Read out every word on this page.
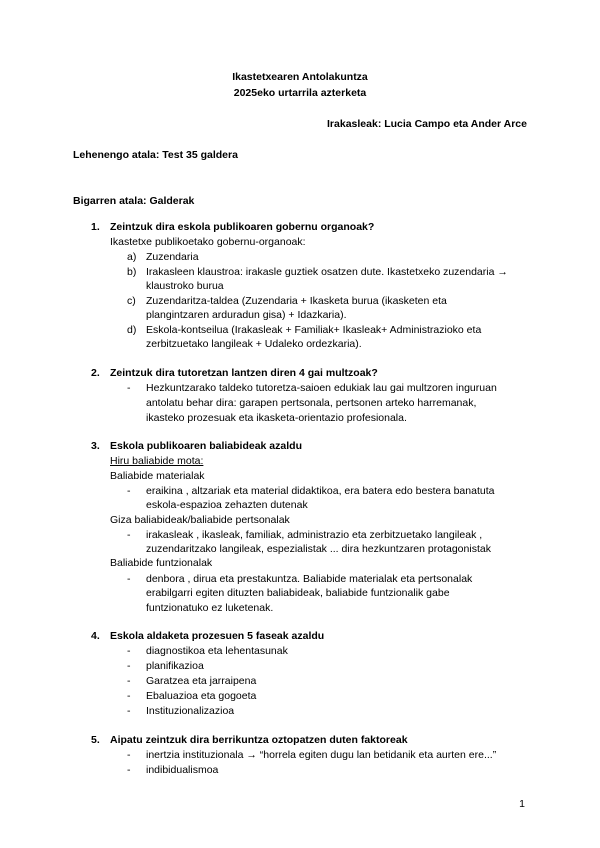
Ikastetxearen Antolakuntza
2025eko urtarrila azterketa
Irakasleak: Lucia Campo eta Ander Arce
Lehenengo atala: Test 35 galdera
Bigarren atala: Galderak
1. Zeintzuk dira eskola publikoaren gobernu organoak?
Ikastetxe publikoetako gobernu-organoak:
a) Zuzendaria
b) Irakasleen klaustroa: irakasle guztiek osatzen dute. Ikastetxeko zuzendaria →
klaustroko burua
c) Zuzendaritza-taldea (Zuzendaria + Ikasketa burua (ikasketen eta
plangintzaren arduradun gisa) + Idazkaria).
d) Eskola-kontseilua (Irakasleak + Familiak+ Ikasleak+ Administrazioko eta
zerbitzuetako langileak + Udaleko ordezkaria).
2. Zeintzuk dira tutoretzan lantzen diren 4 gai multzoak?
- Hezkuntzarako taldeko tutoretza-saioen edukiak lau gai multzoren inguruan
antolatu behar dira: garapen pertsonala, pertsonen arteko harremanak,
ikasteko prozesuak eta ikasketa-orientazio profesionala.
3. Eskola publikoaren baliabideak azaldu
Hiru baliabide mota:
Baliabide materialak
- eraikina , altzariak eta material didaktikoa, era batera edo bestera banatuta
eskola-espazioa zehazten dutenak
Giza baliabideak/baliabide pertsonalak
- irakasleak , ikasleak, familiak, administrazio eta zerbitzuetako langileak ,
zuzendaritzako langileak, espezialistak ... dira hezkuntzaren protagonistak
Baliabide funtzionalak
- denbora , dirua eta prestakuntza. Baliabide materialak eta pertsonalak
erabilgarri egiten dituzten baliabideak, baliabide funtzionalik gabe
funtzionatuko ez luketenak.
4. Eskola aldaketa prozesuen 5 faseak azaldu
- diagnostikoa eta lehentasunak
- planifikazioa
- Garatzea eta jarraipena
- Ebaluazioa eta gogoeta
- Instituzionalizazioa
5. Aipatu zeintzuk dira berrikuntza oztopatzen duten faktoreak
- inertzia instituzionala → “horrela egiten dugu lan betidanik eta aurten ere...”
- indibidualismoa
1
